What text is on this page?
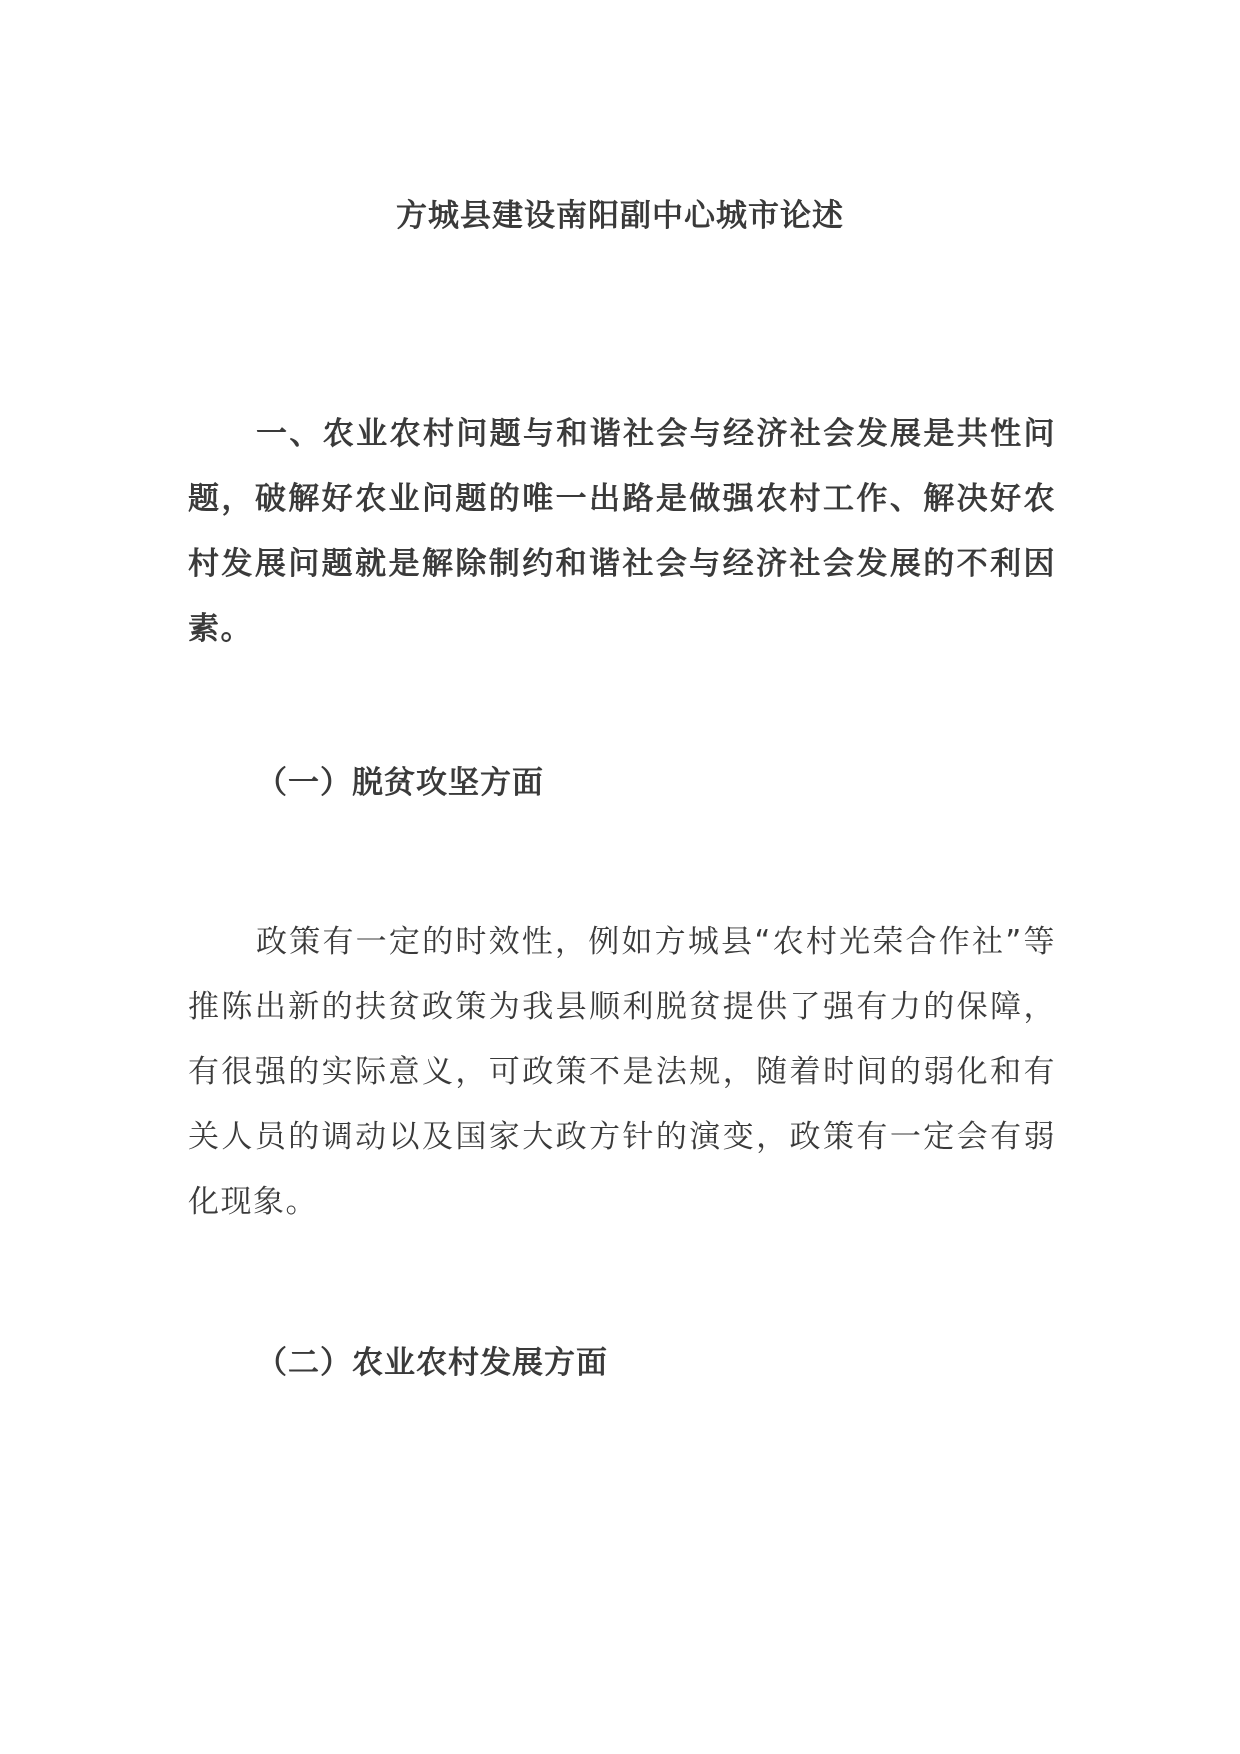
方城县建设南阳副中心城市论述

一、农业农村问题与和谐社会与经济社会发展是共性问题，破解好农业问题的唯一出路是做强农村工作、解决好农村发展问题就是解除制约和谐社会与经济社会发展的不利因素。

（一）脱贫攻坚方面

政策有一定的时效性，例如方城县“农村光荣合作社”等推陈出新的扶贫政策为我县顺利脱贫提供了强有力的保障，有很强的实际意义，可政策不是法规，随着时间的弱化和有关人员的调动以及国家大政方针的演变，政策有一定会有弱化现象。

（二）农业农村发展方面
